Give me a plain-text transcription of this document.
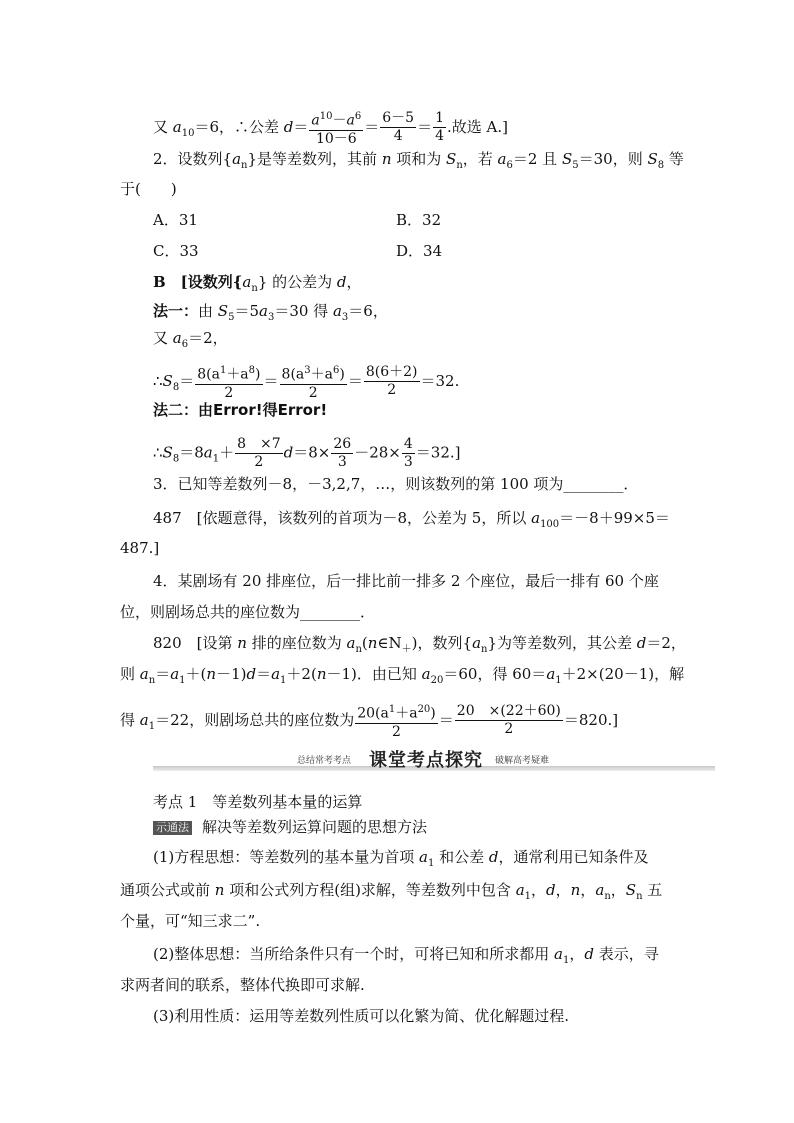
又 $a_{10}=6$，∴公差 $d= \frac{a^{10}-a^6}{10-6} = \frac{6-5}{4} = \frac{1}{4}$ .故选 A.]
2．设数列$\{a_n\}$是等差数列，其前 n 项和为 $S_n$，若 $a_6=2$ 且 $S_5=30$，则 $S_8$ 等
于(　　)
A．31	B．32
C．33	D．34
B　[设数列$\{a_n\}$ 的公差为 d，
法一：由 $S_5=5a_3=30$ 得 $a_3=6$，
又 $a_6=2$，
$\therefore S_8= \frac{8(a^1+a^8)}{2} = \frac{8(a^3+a^6)}{2} = \frac{8(6+2)}{2} =32$.
法二：由Error!得Error!
$\therefore S_8=8a_1+ \frac{8 \times 7}{2} d=8\times \frac{26}{3} -28\times \frac{4}{3} =32$.]
3．已知等差数列－8，－3,2,7，…，则该数列的第 100 项为________．
487　[依题意得，该数列的首项为－8，公差为 5，所以 $a_{100}=-8+99\times 5=$
487.]
4．某剧场有 20 排座位，后一排比前一排多 2 个座位，最后一排有 60 个座
位，则剧场总共的座位数为________．
820　[设第 n 排的座位数为 $a_n(n\in N_+)$，数列$\{a_n\}$为等差数列，其公差 d＝2，
则 $a_n=a_1+(n-1)d=a_1+2(n-1)$．由已知 $a_{20}=60$，得 $60=a_1+2\times(20-1)$，解
得 $a_1=22$，则剧场总共的座位数为 $\frac{20(a^1+a^{20})}{2} = \frac{20 \times(22+60)}{2} =820$.]
总结常考考点 课堂考点探究 破解高考疑难
考点 1　等差数列基本量的运算
示通法 解决等差数列运算问题的思想方法
(1)方程思想：等差数列的基本量为首项 $a_1$ 和公差 d，通常利用已知条件及
通项公式或前 n 项和公式列方程(组)求解，等差数列中包含 $a_1$，d，n，$a_n$，$S_n$ 五
个量，可“知三求二”.
(2)整体思想：当所给条件只有一个时，可将已知和所求都用 $a_1$，d 表示，寻
求两者间的联系，整体代换即可求解.
(3)利用性质：运用等差数列性质可以化繁为简、优化解题过程.
